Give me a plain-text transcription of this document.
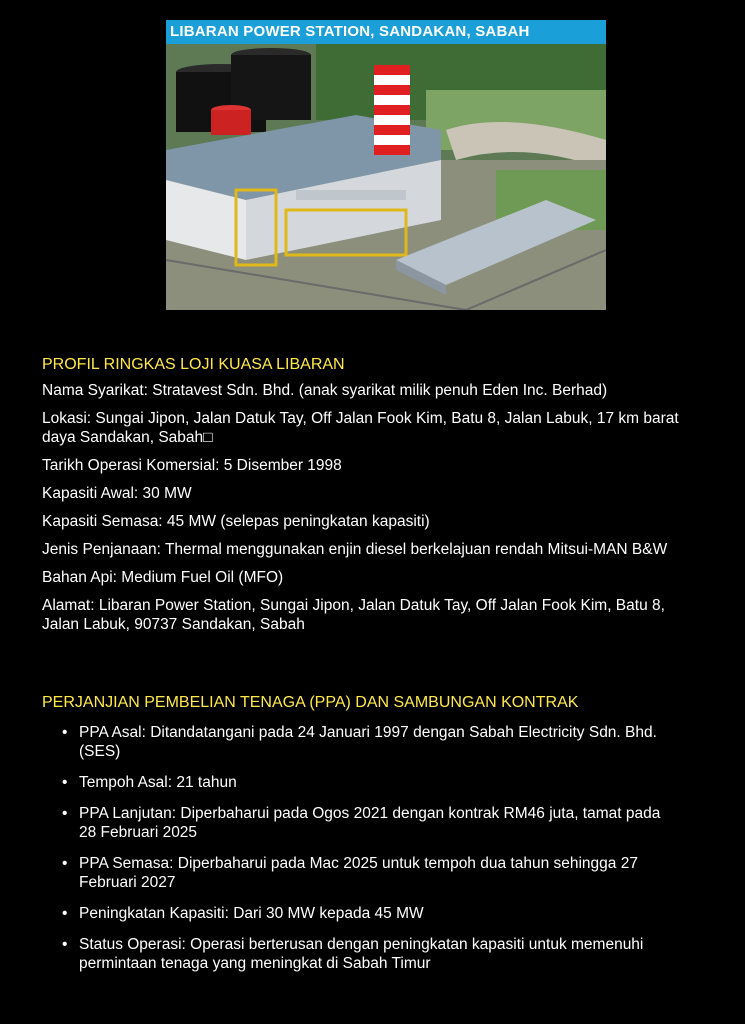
LIBARAN POWER STATION, SANDAKAN, SABAH
PROFIL RINGKAS LOJI KUASA LIBARAN
Nama Syarikat: Stratavest Sdn. Bhd. (anak syarikat milik penuh Eden Inc. Berhad)
Lokasi: Sungai Jipon, Jalan Datuk Tay, Off Jalan Fook Kim, Batu 8, Jalan Labuk, 17 km barat daya Sandakan, Sabah⁠□
Tarikh Operasi Komersial: 5 Disember 1998
Kapasiti Awal: 30 MW
Kapasiti Semasa: 45 MW (selepas peningkatan kapasiti)
Jenis Penjanaan: Thermal menggunakan enjin diesel berkelajuan rendah Mitsui-MAN B&W
Bahan Api: Medium Fuel Oil (MFO)
Alamat: Libaran Power Station, Sungai Jipon, Jalan Datuk Tay, Off Jalan Fook Kim, Batu 8, Jalan Labuk, 90737 Sandakan, Sabah
PERJANJIAN PEMBELIAN TENAGA (PPA) DAN SAMBUNGAN KONTRAK
• PPA Asal: Ditandatangani pada 24 Januari 1997 dengan Sabah Electricity Sdn. Bhd. (SES)
• Tempoh Asal: 21 tahun
• PPA Lanjutan: Diperbaharui pada Ogos 2021 dengan kontrak RM46 juta, tamat pada 28 Februari 2025
• PPA Semasa: Diperbaharui pada Mac 2025 untuk tempoh dua tahun sehingga 27 Februari 2027
• Peningkatan Kapasiti: Dari 30 MW kepada 45 MW
• Status Operasi: Operasi berterusan dengan peningkatan kapasiti untuk memenuhi permintaan tenaga yang meningkat di Sabah Timur
